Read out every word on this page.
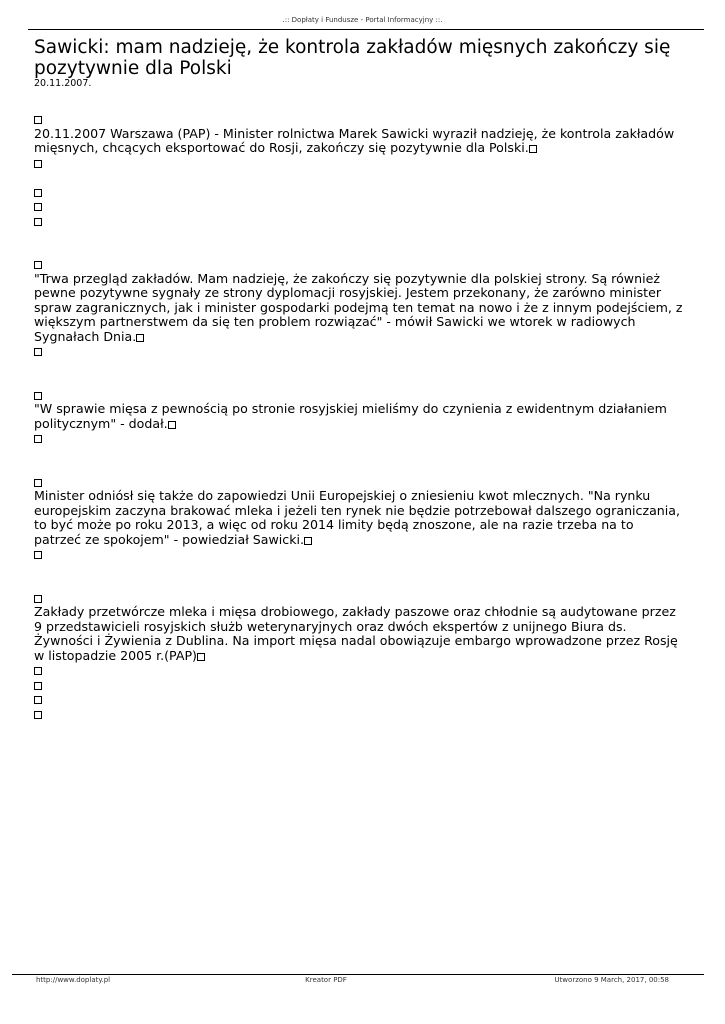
.:: Dopłaty i Fundusze - Portal Informacyjny ::.
Sawicki: mam nadzieję, że kontrola zakładów mięsnych zakończy się pozytywnie dla Polski
20.11.2007.

20.11.2007 Warszawa (PAP) - Minister rolnictwa Marek Sawicki wyraził nadzieję, że kontrola zakładów mięsnych, chcących eksportować do Rosji, zakończy się pozytywnie dla Polski.

"Trwa przegląd zakładów. Mam nadzieję, że zakończy się pozytywnie dla polskiej strony. Są również pewne pozytywne sygnały ze strony dyplomacji rosyjskiej. Jestem przekonany, że zarówno minister spraw zagranicznych, jak i minister gospodarki podejmą ten temat na nowo i że z innym podejściem, z większym partnerstwem da się ten problem rozwiązać" - mówił Sawicki we wtorek w radiowych Sygnałach Dnia.

"W sprawie mięsa z pewnością po stronie rosyjskiej mieliśmy do czynienia z ewidentnym działaniem politycznym" - dodał.

Minister odniósł się także do zapowiedzi Unii Europejskiej o zniesieniu kwot mlecznych. "Na rynku europejskim zaczyna brakować mleka i jeżeli ten rynek nie będzie potrzebował dalszego ograniczania, to być może po roku 2013, a więc od roku 2014 limity będą znoszone, ale na razie trzeba na to patrzeć ze spokojem" - powiedział Sawicki.

Zakłady przetwórcze mleka i mięsa drobiowego, zakłady paszowe oraz chłodnie są audytowane przez 9 przedstawicieli rosyjskich służb weterynaryjnych oraz dwóch ekspertów z unijnego Biura ds. Żywności i Żywienia z Dublina. Na import mięsa nadal obowiązuje embargo wprowadzone przez Rosję w listopadzie 2005 r.(PAP)

http://www.doplaty.pl	Kreator PDF	Utworzono 9 March, 2017, 00:58
